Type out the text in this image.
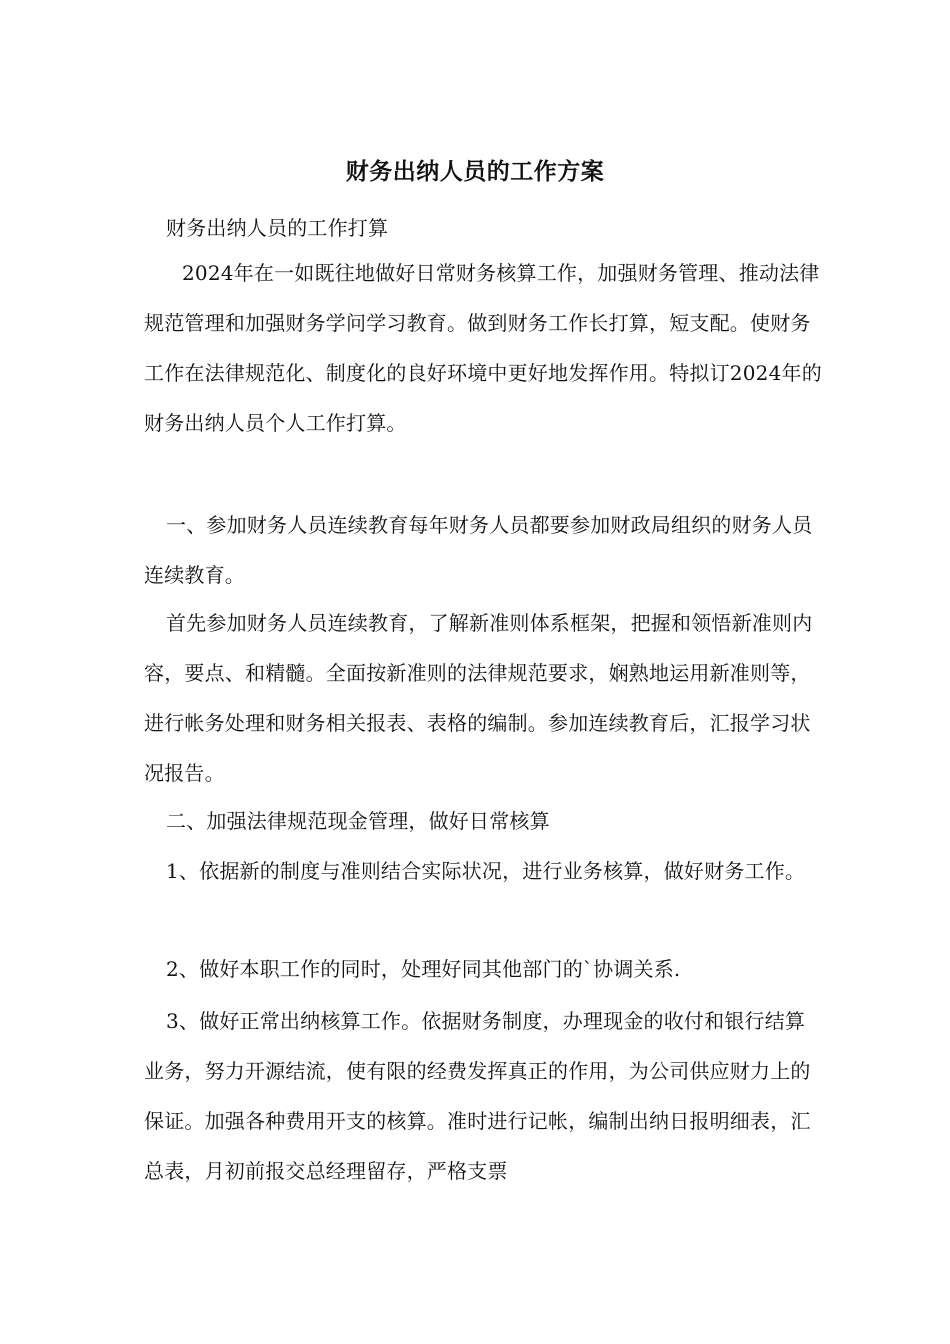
财务出纳人员的工作方案

财务出纳人员的工作打算

2024年在一如既往地做好日常财务核算工作，加强财务管理、推动法律规范管理和加强财务学问学习教育。做到财务工作长打算，短支配。使财务工作在法律规范化、制度化的良好环境中更好地发挥作用。特拟订2024年的财务出纳人员个人工作打算。

一、参加财务人员连续教育每年财务人员都要参加财政局组织的财务人员连续教育。

首先参加财务人员连续教育，了解新准则体系框架，把握和领悟新准则内容，要点、和精髓。全面按新准则的法律规范要求，娴熟地运用新准则等，进行帐务处理和财务相关报表、表格的编制。参加连续教育后，汇报学习状况报告。

二、加强法律规范现金管理，做好日常核算

1、依据新的制度与准则结合实际状况，进行业务核算，做好财务工作。

2、做好本职工作的同时，处理好同其他部门的`协调关系.

3、做好正常出纳核算工作。依据财务制度，办理现金的收付和银行结算业务，努力开源结流，使有限的经费发挥真正的作用，为公司供应财力上的保证。加强各种费用开支的核算。准时进行记帐，编制出纳日报明细表，汇总表，月初前报交总经理留存，严格支票
